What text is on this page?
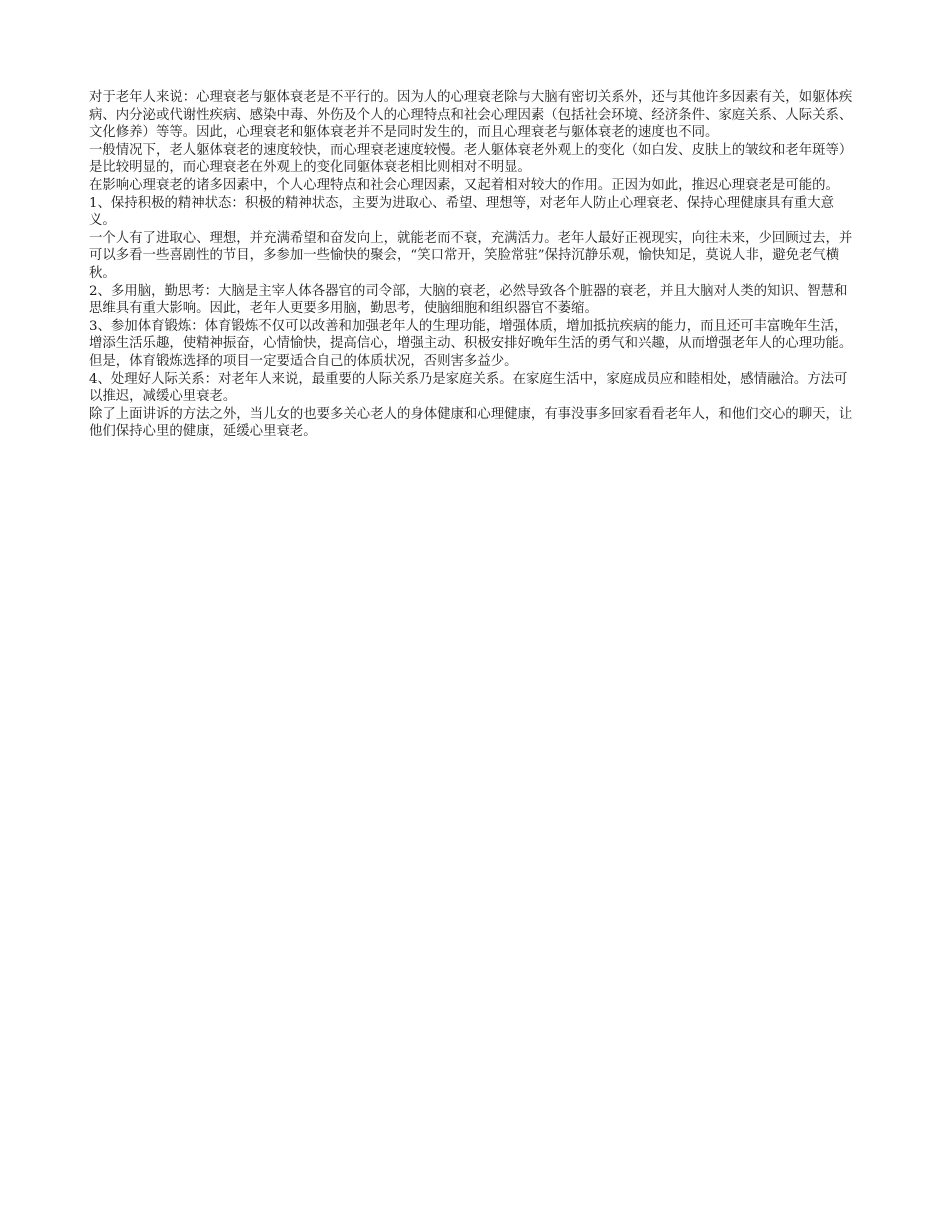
对于老年人来说：心理衰老与躯体衰老是不平行的。因为人的心理衰老除与大脑有密切关系外，还与其他许多因素有关，如躯体疾病、内分泌或代谢性疾病、感染中毒、外伤及个人的心理特点和社会心理因素（包括社会环境、经济条件、家庭关系、人际关系、文化修养）等等。因此，心理衰老和躯体衰老并不是同时发生的，而且心理衰老与躯体衰老的速度也不同。

一般情况下，老人躯体衰老的速度较快，而心理衰老速度较慢。老人躯体衰老外观上的变化（如白发、皮肤上的皱纹和老年斑等）是比较明显的，而心理衰老在外观上的变化同躯体衰老相比则相对不明显。

在影响心理衰老的诸多因素中，个人心理特点和社会心理因素，又起着相对较大的作用。正因为如此，推迟心理衰老是可能的。

1、保持积极的精神状态：积极的精神状态，主要为进取心、希望、理想等，对老年人防止心理衰老、保持心理健康具有重大意义。

一个人有了进取心、理想，并充满希望和奋发向上，就能老而不衰，充满活力。老年人最好正视现实，向往未来，少回顾过去，并可以多看一些喜剧性的节目，多参加一些愉快的聚会，“笑口常开，笑脸常驻”保持沉静乐观，愉快知足，莫说人非，避免老气横秋。

2、多用脑，勤思考：大脑是主宰人体各器官的司令部，大脑的衰老，必然导致各个脏器的衰老，并且大脑对人类的知识、智慧和思维具有重大影响。因此，老年人更要多用脑，勤思考，使脑细胞和组织器官不萎缩。

3、参加体育锻炼：体育锻炼不仅可以改善和加强老年人的生理功能，增强体质，增加抵抗疾病的能力，而且还可丰富晚年生活，增添生活乐趣，使精神振奋，心情愉快，提高信心，增强主动、积极安排好晚年生活的勇气和兴趣，从而增强老年人的心理功能。但是，体育锻炼选择的项目一定要适合自己的体质状况，否则害多益少。

4、处理好人际关系：对老年人来说，最重要的人际关系乃是家庭关系。在家庭生活中，家庭成员应和睦相处，感情融洽。方法可以推迟，减缓心里衰老。

除了上面讲诉的方法之外，当儿女的也要多关心老人的身体健康和心理健康，有事没事多回家看看老年人，和他们交心的聊天，让他们保持心里的健康，延缓心里衰老。
